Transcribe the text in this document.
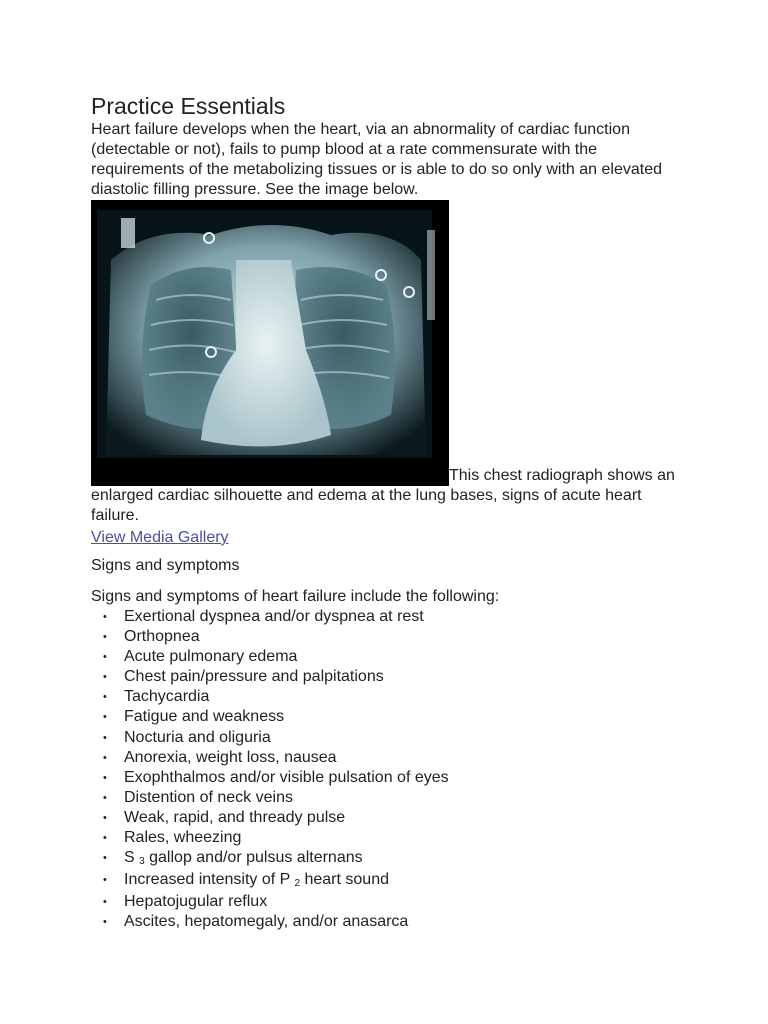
Practice Essentials

Heart failure develops when the heart, via an abnormality of cardiac function (detectable or not), fails to pump blood at a rate commensurate with the requirements of the metabolizing tissues or is able to do so only with an elevated diastolic filling pressure. See the image below.

This chest radiograph shows an enlarged cardiac silhouette and edema at the lung bases, signs of acute heart failure.
View Media Gallery

Signs and symptoms

Signs and symptoms of heart failure include the following:

• Exertional dyspnea and/or dyspnea at rest
• Orthopnea
• Acute pulmonary edema
• Chest pain/pressure and palpitations
• Tachycardia
• Fatigue and weakness
• Nocturia and oliguria
• Anorexia, weight loss, nausea
• Exophthalmos and/or visible pulsation of eyes
• Distention of neck veins
• Weak, rapid, and thready pulse
• Rales, wheezing
• S $_3$ gallop and/or pulsus alternans
• Increased intensity of P $_2$ heart sound
• Hepatojugular reflux
• Ascites, hepatomegaly, and/or anasarca
